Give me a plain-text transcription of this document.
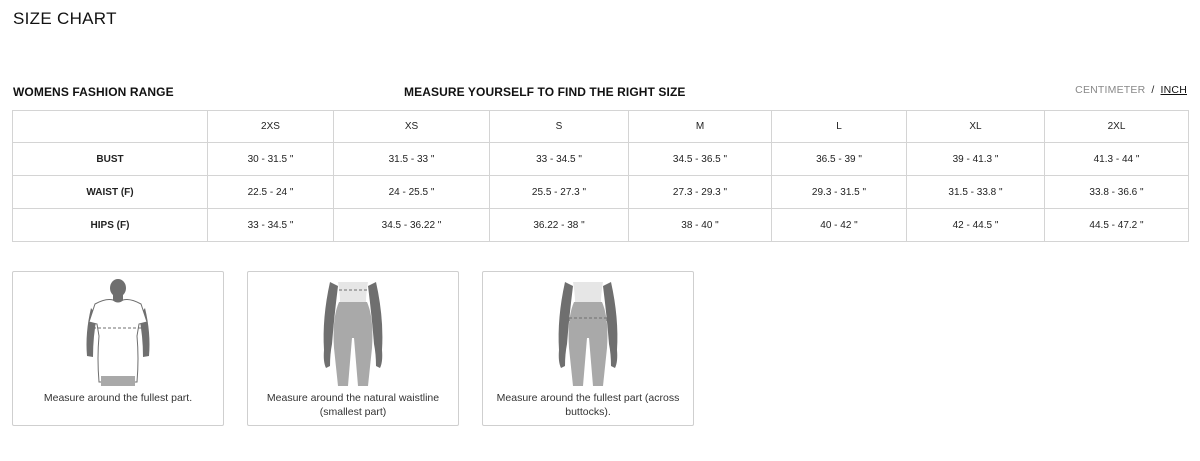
SIZE CHART
WOMENS FASHION RANGE	MEASURE YOURSELF TO FIND THE RIGHT SIZE	CENTIMETER / INCH
	2XS	XS	S	M	L	XL	2XL
BUST	30 - 31.5 "	31.5 - 33 "	33 - 34.5 "	34.5 - 36.5 "	36.5 - 39 "	39 - 41.3 "	41.3 - 44 "
WAIST (F)	22.5 - 24 "	24 - 25.5 "	25.5 - 27.3 "	27.3 - 29.3 "	29.3 - 31.5 "	31.5 - 33.8 "	33.8 - 36.6 "
HIPS (F)	33 - 34.5 "	34.5 - 36.22 "	36.22 - 38 "	38 - 40 "	40 - 42 "	42 - 44.5 "	44.5 - 47.2 "
Measure around the fullest part.	Measure around the natural waistline (smallest part)
Measure around the fullest part (across buttocks).
